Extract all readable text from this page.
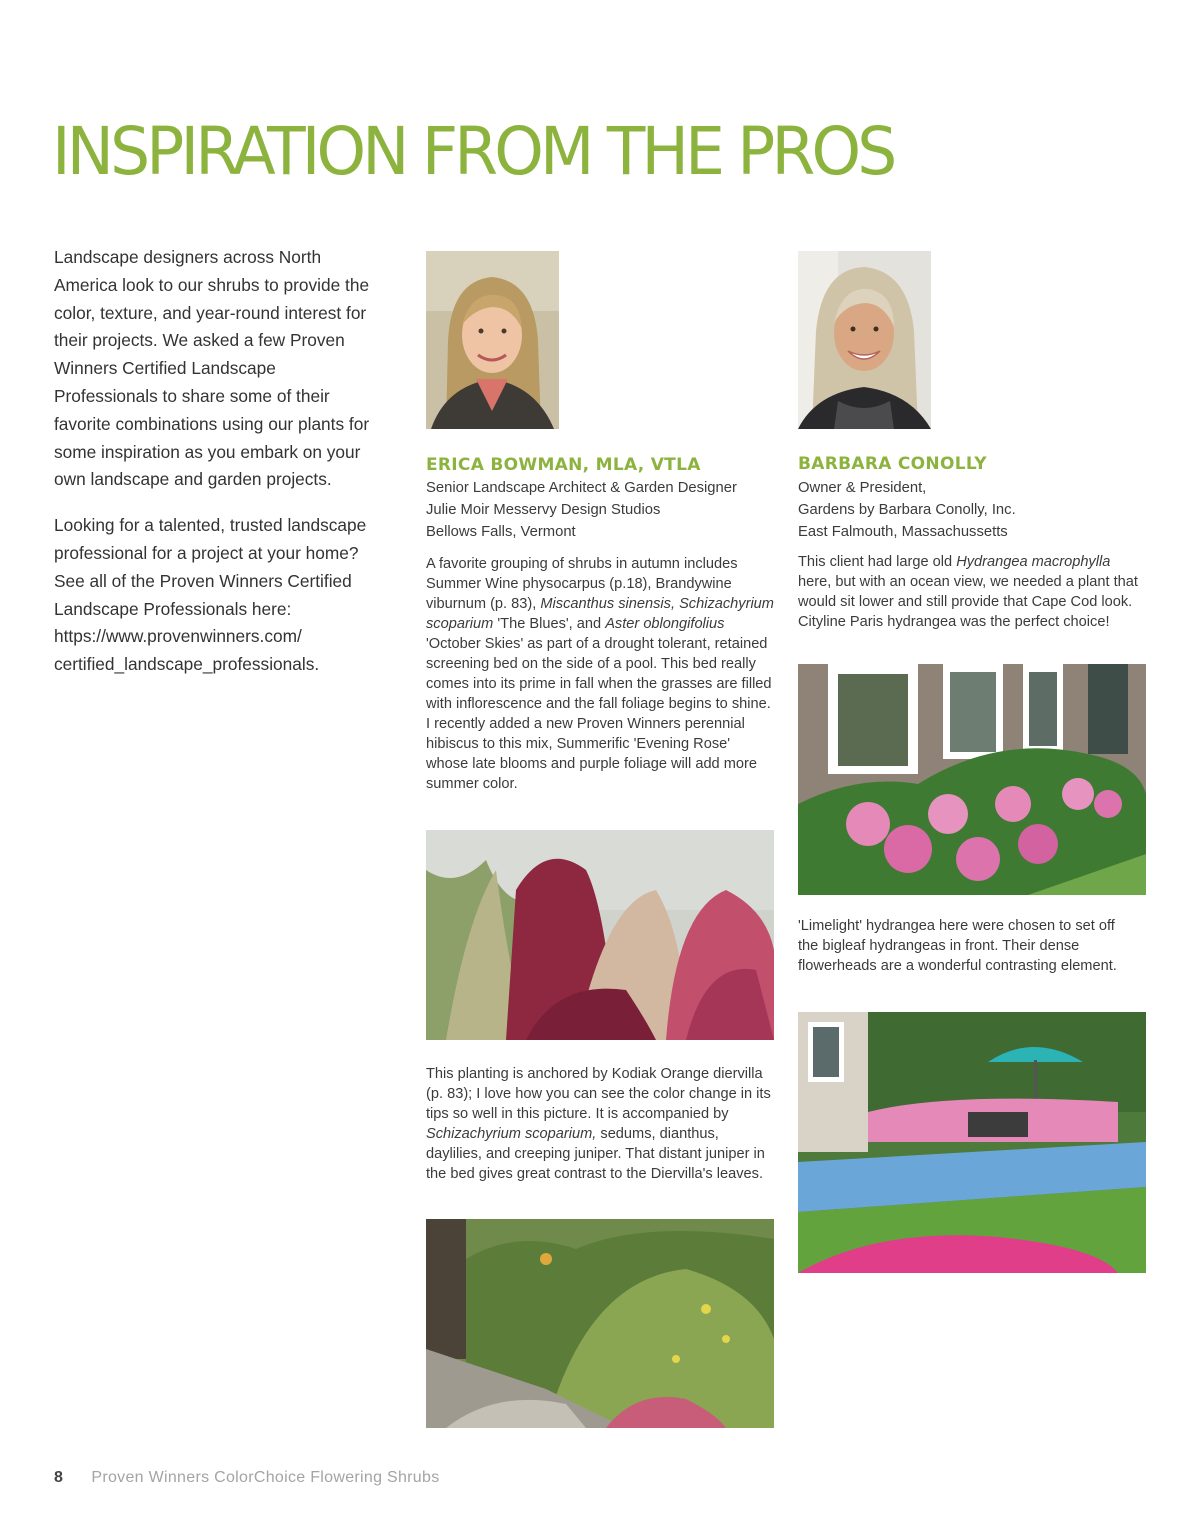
INSPIRATION FROM THE PROS

Landscape designers across North America look to our shrubs to provide the color, texture, and year-round interest for their projects. We asked a few Proven Winners Certified Landscape Professionals to share some of their favorite combinations using our plants for some inspiration as you embark on your own landscape and garden projects.

Looking for a talented, trusted landscape professional for a project at your home? See all of the Proven Winners Certified Landscape Professionals here:
https://www.provenwinners.com/
certified_landscape_professionals.

ERICA BOWMAN, MLA, VTLA
Senior Landscape Architect & Garden Designer
Julie Moir Messervy Design Studios
Bellows Falls, Vermont
A favorite grouping of shrubs in autumn includes Summer Wine physocarpus (p.18), Brandywine viburnum (p. 83), Miscanthus sinensis, Schizachyrium scoparium 'The Blues', and Aster oblongifolius 'October Skies' as part of a drought tolerant, retained screening bed on the side of a pool. This bed really comes into its prime in fall when the grasses are filled with inflorescence and the fall foliage begins to shine. I recently added a new Proven Winners perennial hibiscus to this mix, Summerific 'Evening Rose' whose late blooms and purple foliage will add more summer color.
This planting is anchored by Kodiak Orange diervilla (p. 83); I love how you can see the color change in its tips so well in this picture. It is accompanied by Schizachyrium scoparium, sedums, dianthus, daylilies, and creeping juniper. That distant juniper in the bed gives great contrast to the Diervilla's leaves.
BARBARA CONOLLY
Owner & President,
Gardens by Barbara Conolly, Inc.
East Falmouth, Massachussetts
This client had large old Hydrangea macrophylla here, but with an ocean view, we needed a plant that would sit lower and still provide that Cape Cod look. Cityline Paris hydrangea was the perfect choice!
'Limelight' hydrangea here were chosen to set off the bigleaf hydrangeas in front. Their dense flowerheads are a wonderful contrasting element.
8 Proven Winners ColorChoice Flowering Shrubs
